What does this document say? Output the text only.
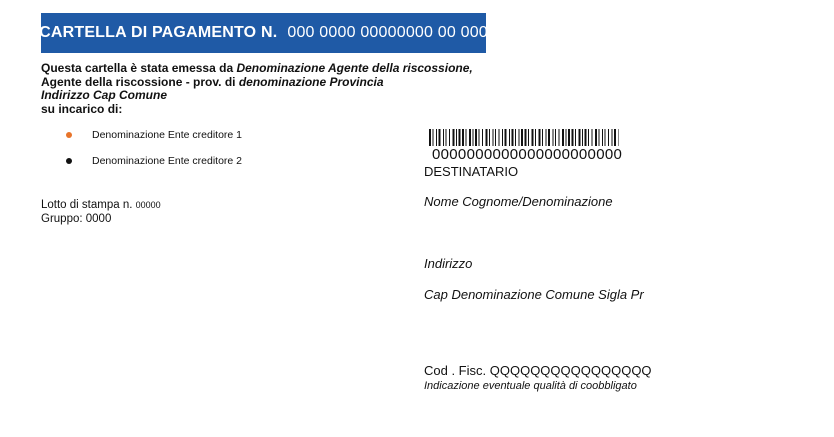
CARTELLA DI PAGAMENTO N. 000 0000 00000000 00 000
Questa cartella è stata emessa da Denominazione Agente della riscossione,
Agente della riscossione - prov. di denominazione Provincia
Indirizzo Cap Comune
su incarico di:
Denominazione Ente creditore 1
Denominazione Ente creditore 2
Lotto di stampa n. 00000
Gruppo: 0000
0000000000000000000000
DESTINATARIO
Nome Cognome/Denominazione
Indirizzo
Cap Denominazione Comune Sigla Pr
Cod . Fisc. QQQQQQQQQQQQQQQQ
Indicazione eventuale qualità di coobbligato
